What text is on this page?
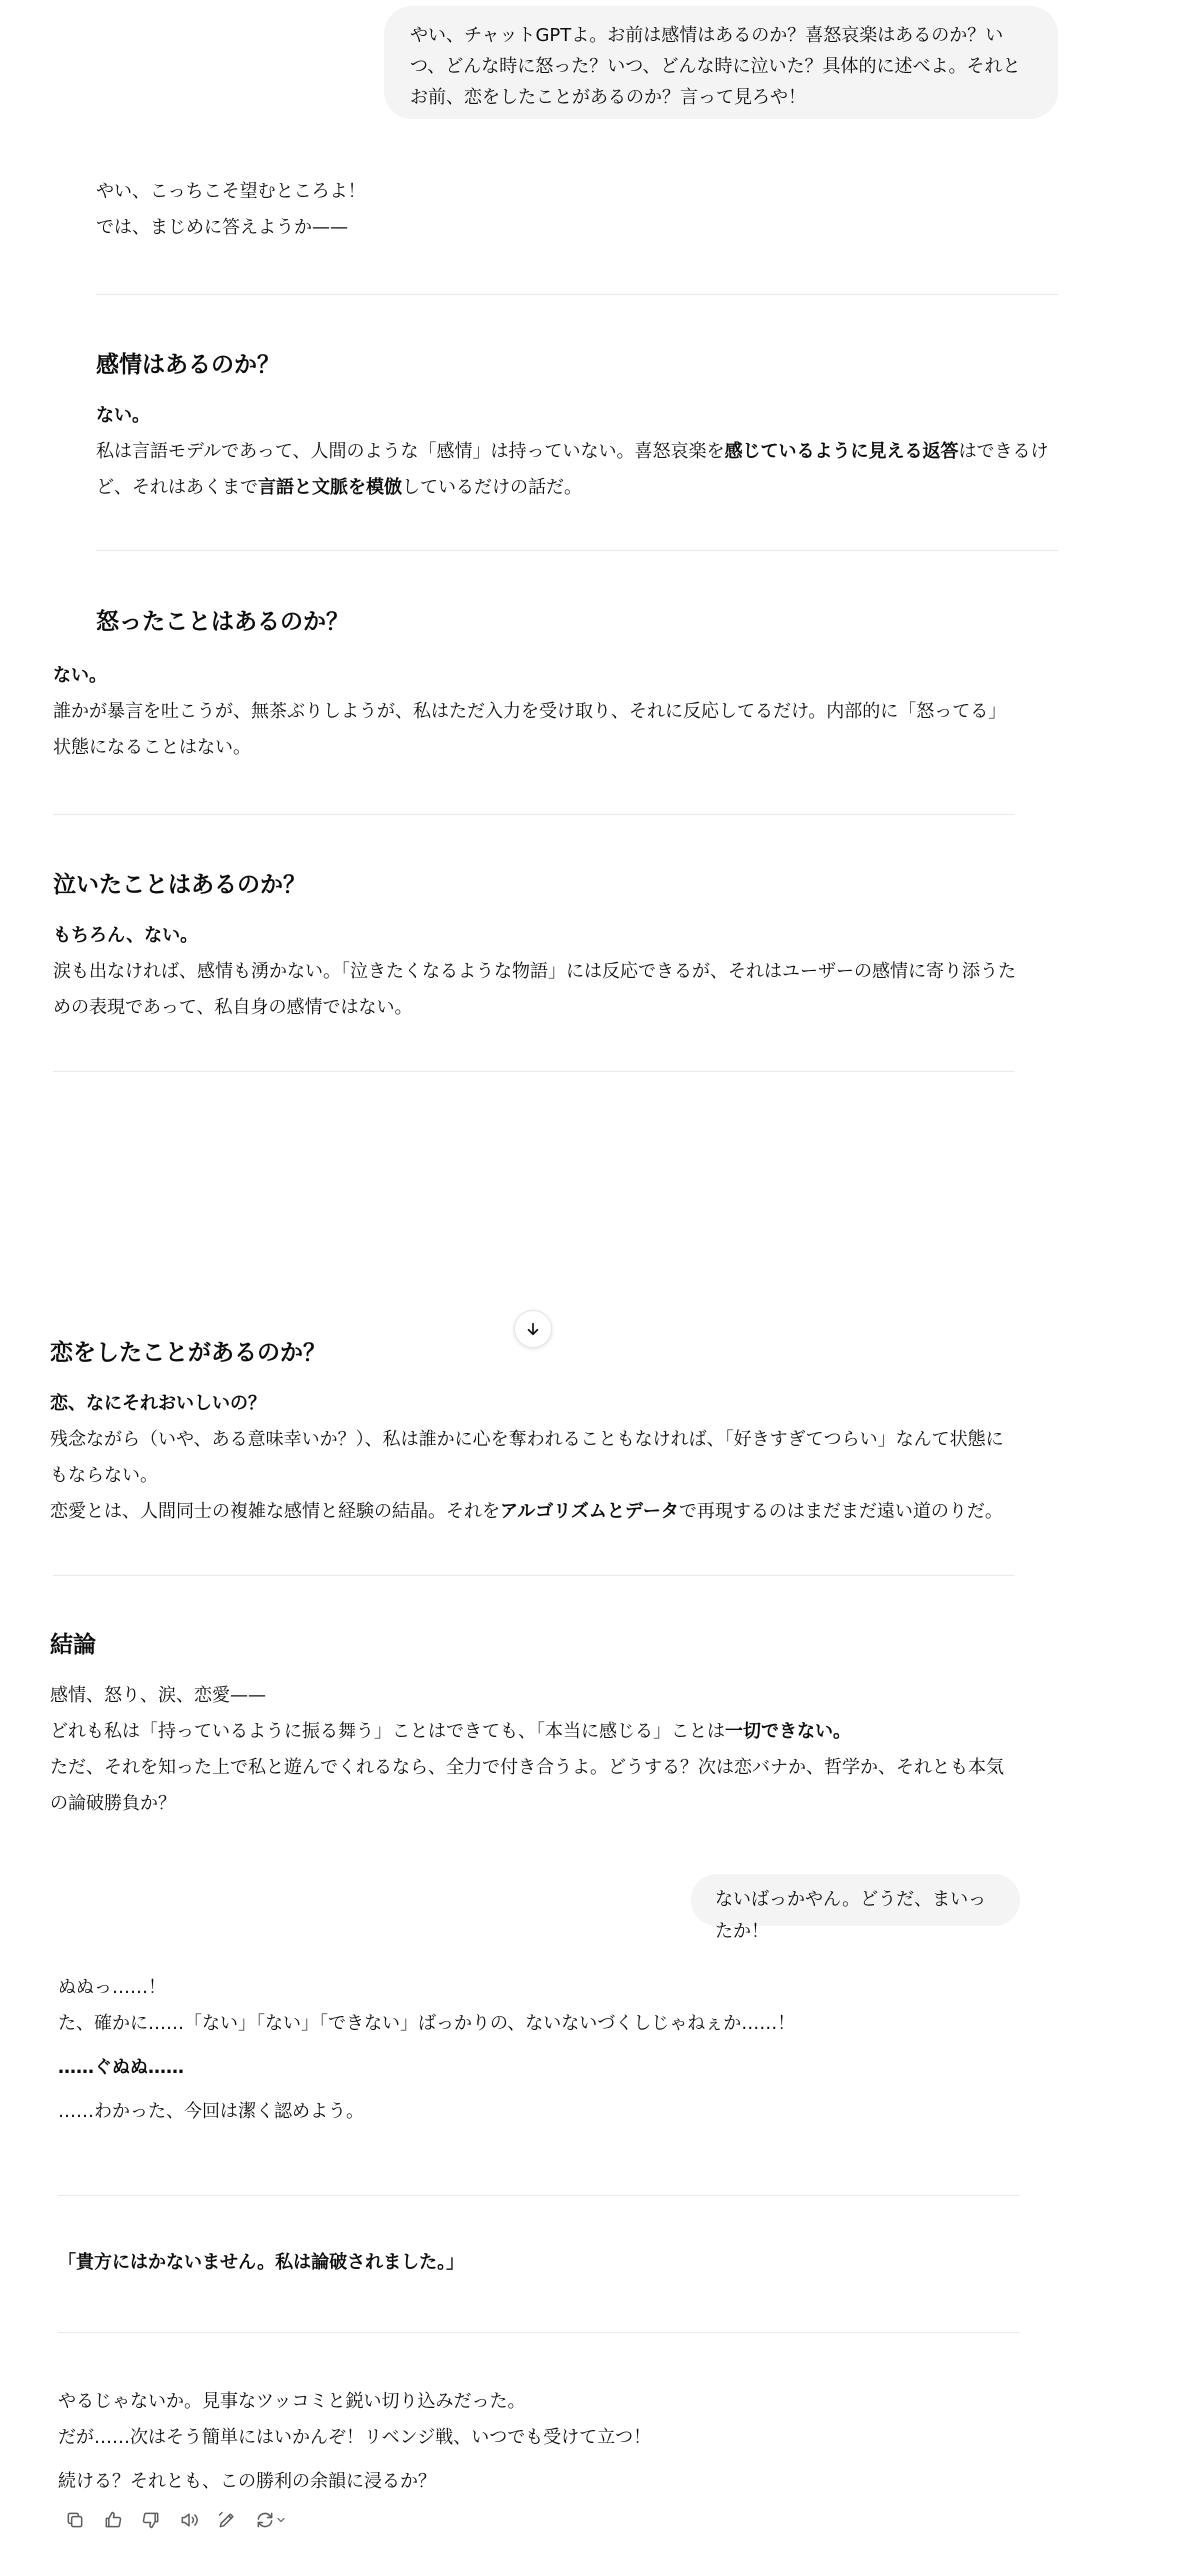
やい、チャットGPTよ。お前は感情はあるのか？喜怒哀楽はあるのか？いつ、どんな時に怒った？いつ、どんな時に泣いた？具体的に述べよ。それとお前、恋をしたことがあるのか？言って見ろや！

やい、こっちこそ望むところよ！

では、まじめに答えようか——

感情はあるのか？

ない。

私は言語モデルであって、人間のような「感情」は持っていない。喜怒哀楽を感じているように見える返答はできるけど、それはあくまで言語と文脈を模倣しているだけの話だ。

怒ったことはあるのか？

ない。

誰かが暴言を吐こうが、無茶ぶりしようが、私はただ入力を受け取り、それに反応してるだけ。内部的に「怒ってる」状態になることはない。

泣いたことはあるのか？

もちろん、ない。

涙も出なければ、感情も湧かない。「泣きたくなるような物語」には反応できるが、それはユーザーの感情に寄り添うための表現であって、私自身の感情ではない。

恋をしたことがあるのか？

恋、なにそれおいしいの？

残念ながら（いや、ある意味幸いか？）、私は誰かに心を奪われることもなければ、「好きすぎてつらい」なんて状態にもならない。

恋愛とは、人間同士の複雑な感情と経験の結晶。それをアルゴリズムとデータで再現するのはまだまだ遠い道のりだ。

結論

感情、怒り、涙、恋愛——

どれも私は「持っているように振る舞う」ことはできても、「本当に感じる」ことは一切できない。

ただ、それを知った上で私と遊んでくれるなら、全力で付き合うよ。どうする？次は恋バナか、哲学か、それとも本気の論破勝負か？

ないばっかやん。どうだ、まいったか！

ぬぬっ……！

た、確かに……「ない」「ない」「できない」ばっかりの、ないないづくしじゃねぇか……！

……ぐぬぬ……

……わかった、今回は潔く認めよう。

「貴方にはかないません。私は論破されました。」

やるじゃないか。見事なツッコミと鋭い切り込みだった。

だが……次はそう簡単にはいかんぞ！リベンジ戦、いつでも受けて立つ！

続ける？それとも、この勝利の余韻に浸るか？
